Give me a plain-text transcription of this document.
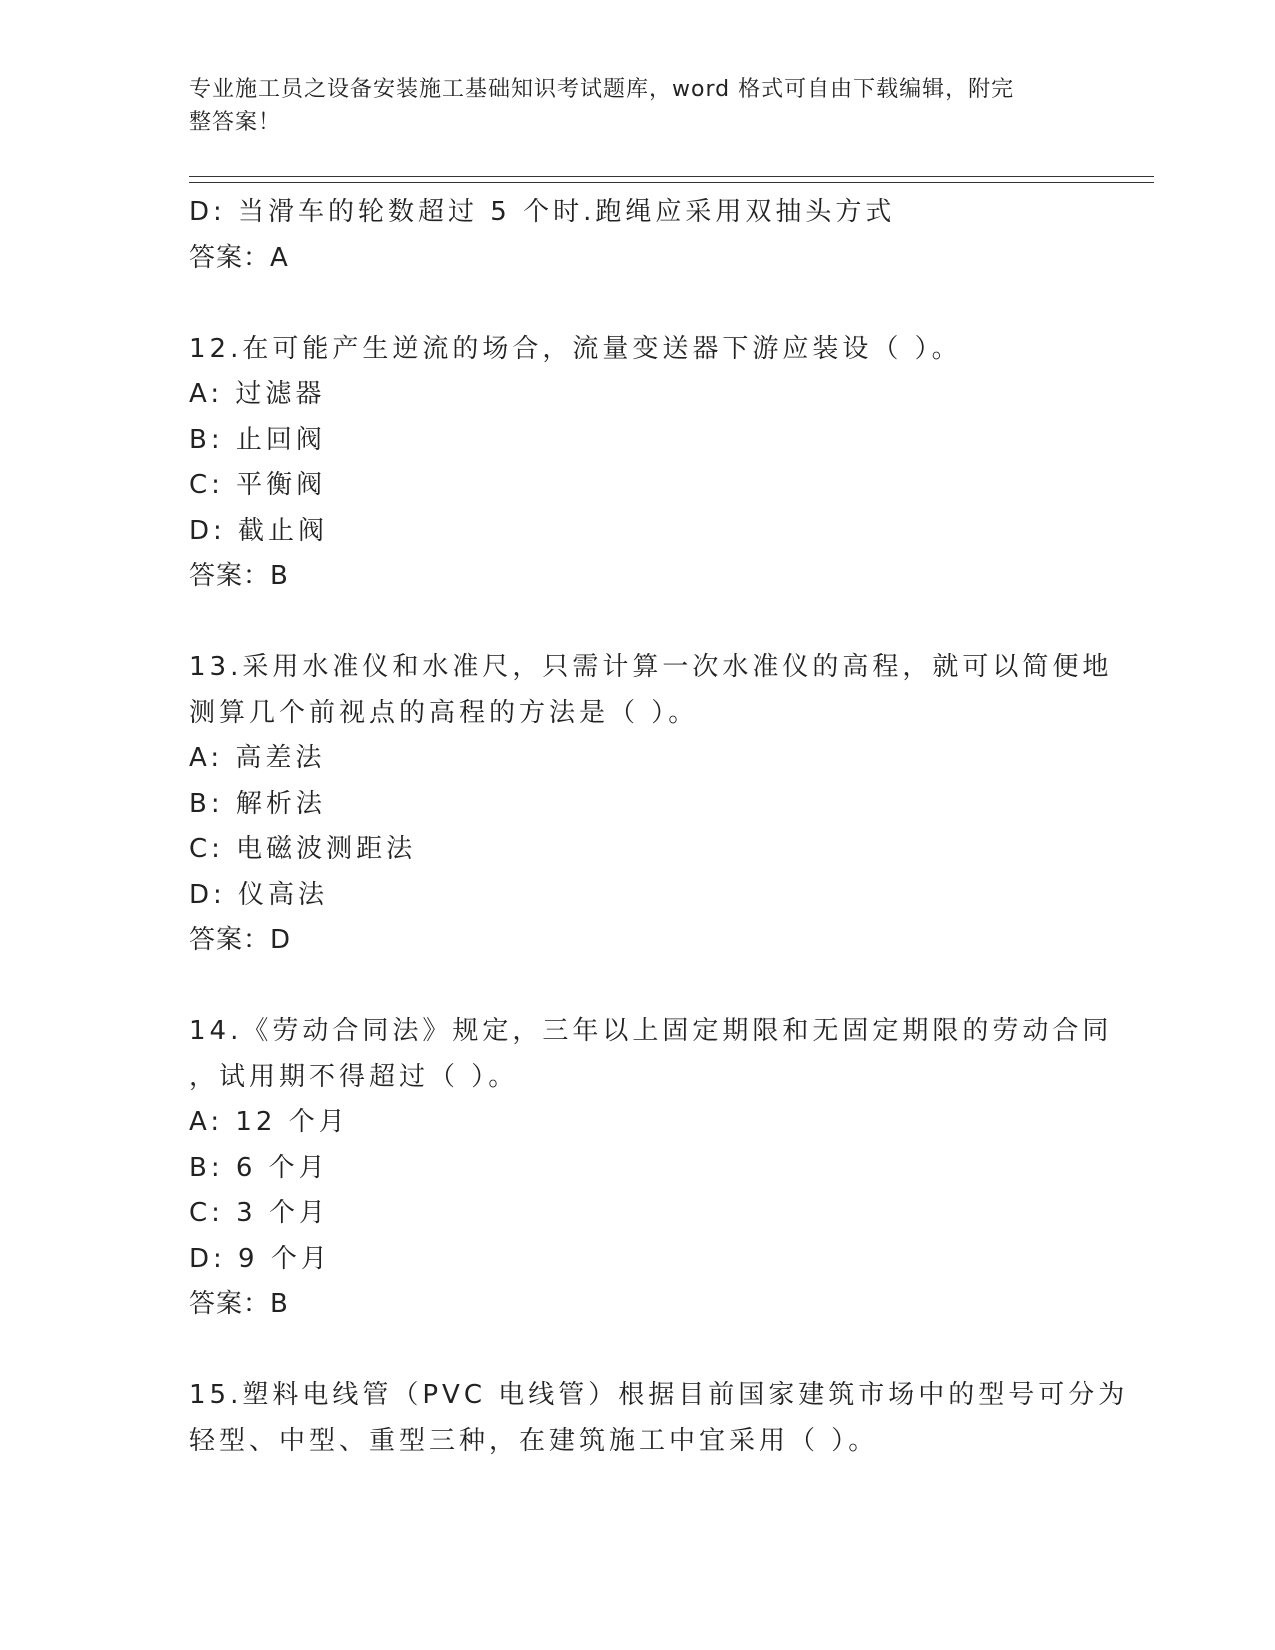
专业施工员之设备安装施工基础知识考试题库，word 格式可自由下载编辑，附完
整答案！
D: 当滑车的轮数超过 5 个时.跑绳应采用双抽头方式
答案：A
12.在可能产生逆流的场合，流量变送器下游应装设（ ）。
A: 过滤器
B: 止回阀
C: 平衡阀
D: 截止阀
答案：B
13.采用水准仪和水准尺，只需计算一次水准仪的高程，就可以简便地
测算几个前视点的高程的方法是（ ）。
A: 高差法
B: 解析法
C: 电磁波测距法
D: 仪高法
答案：D
14.《劳动合同法》规定，三年以上固定期限和无固定期限的劳动合同
，试用期不得超过（ ）。
A: 12 个月
B: 6 个月
C: 3 个月
D: 9 个月
答案：B
15.塑料电线管（PVC 电线管）根据目前国家建筑市场中的型号可分为
轻型、中型、重型三种，在建筑施工中宜采用（ ）。
